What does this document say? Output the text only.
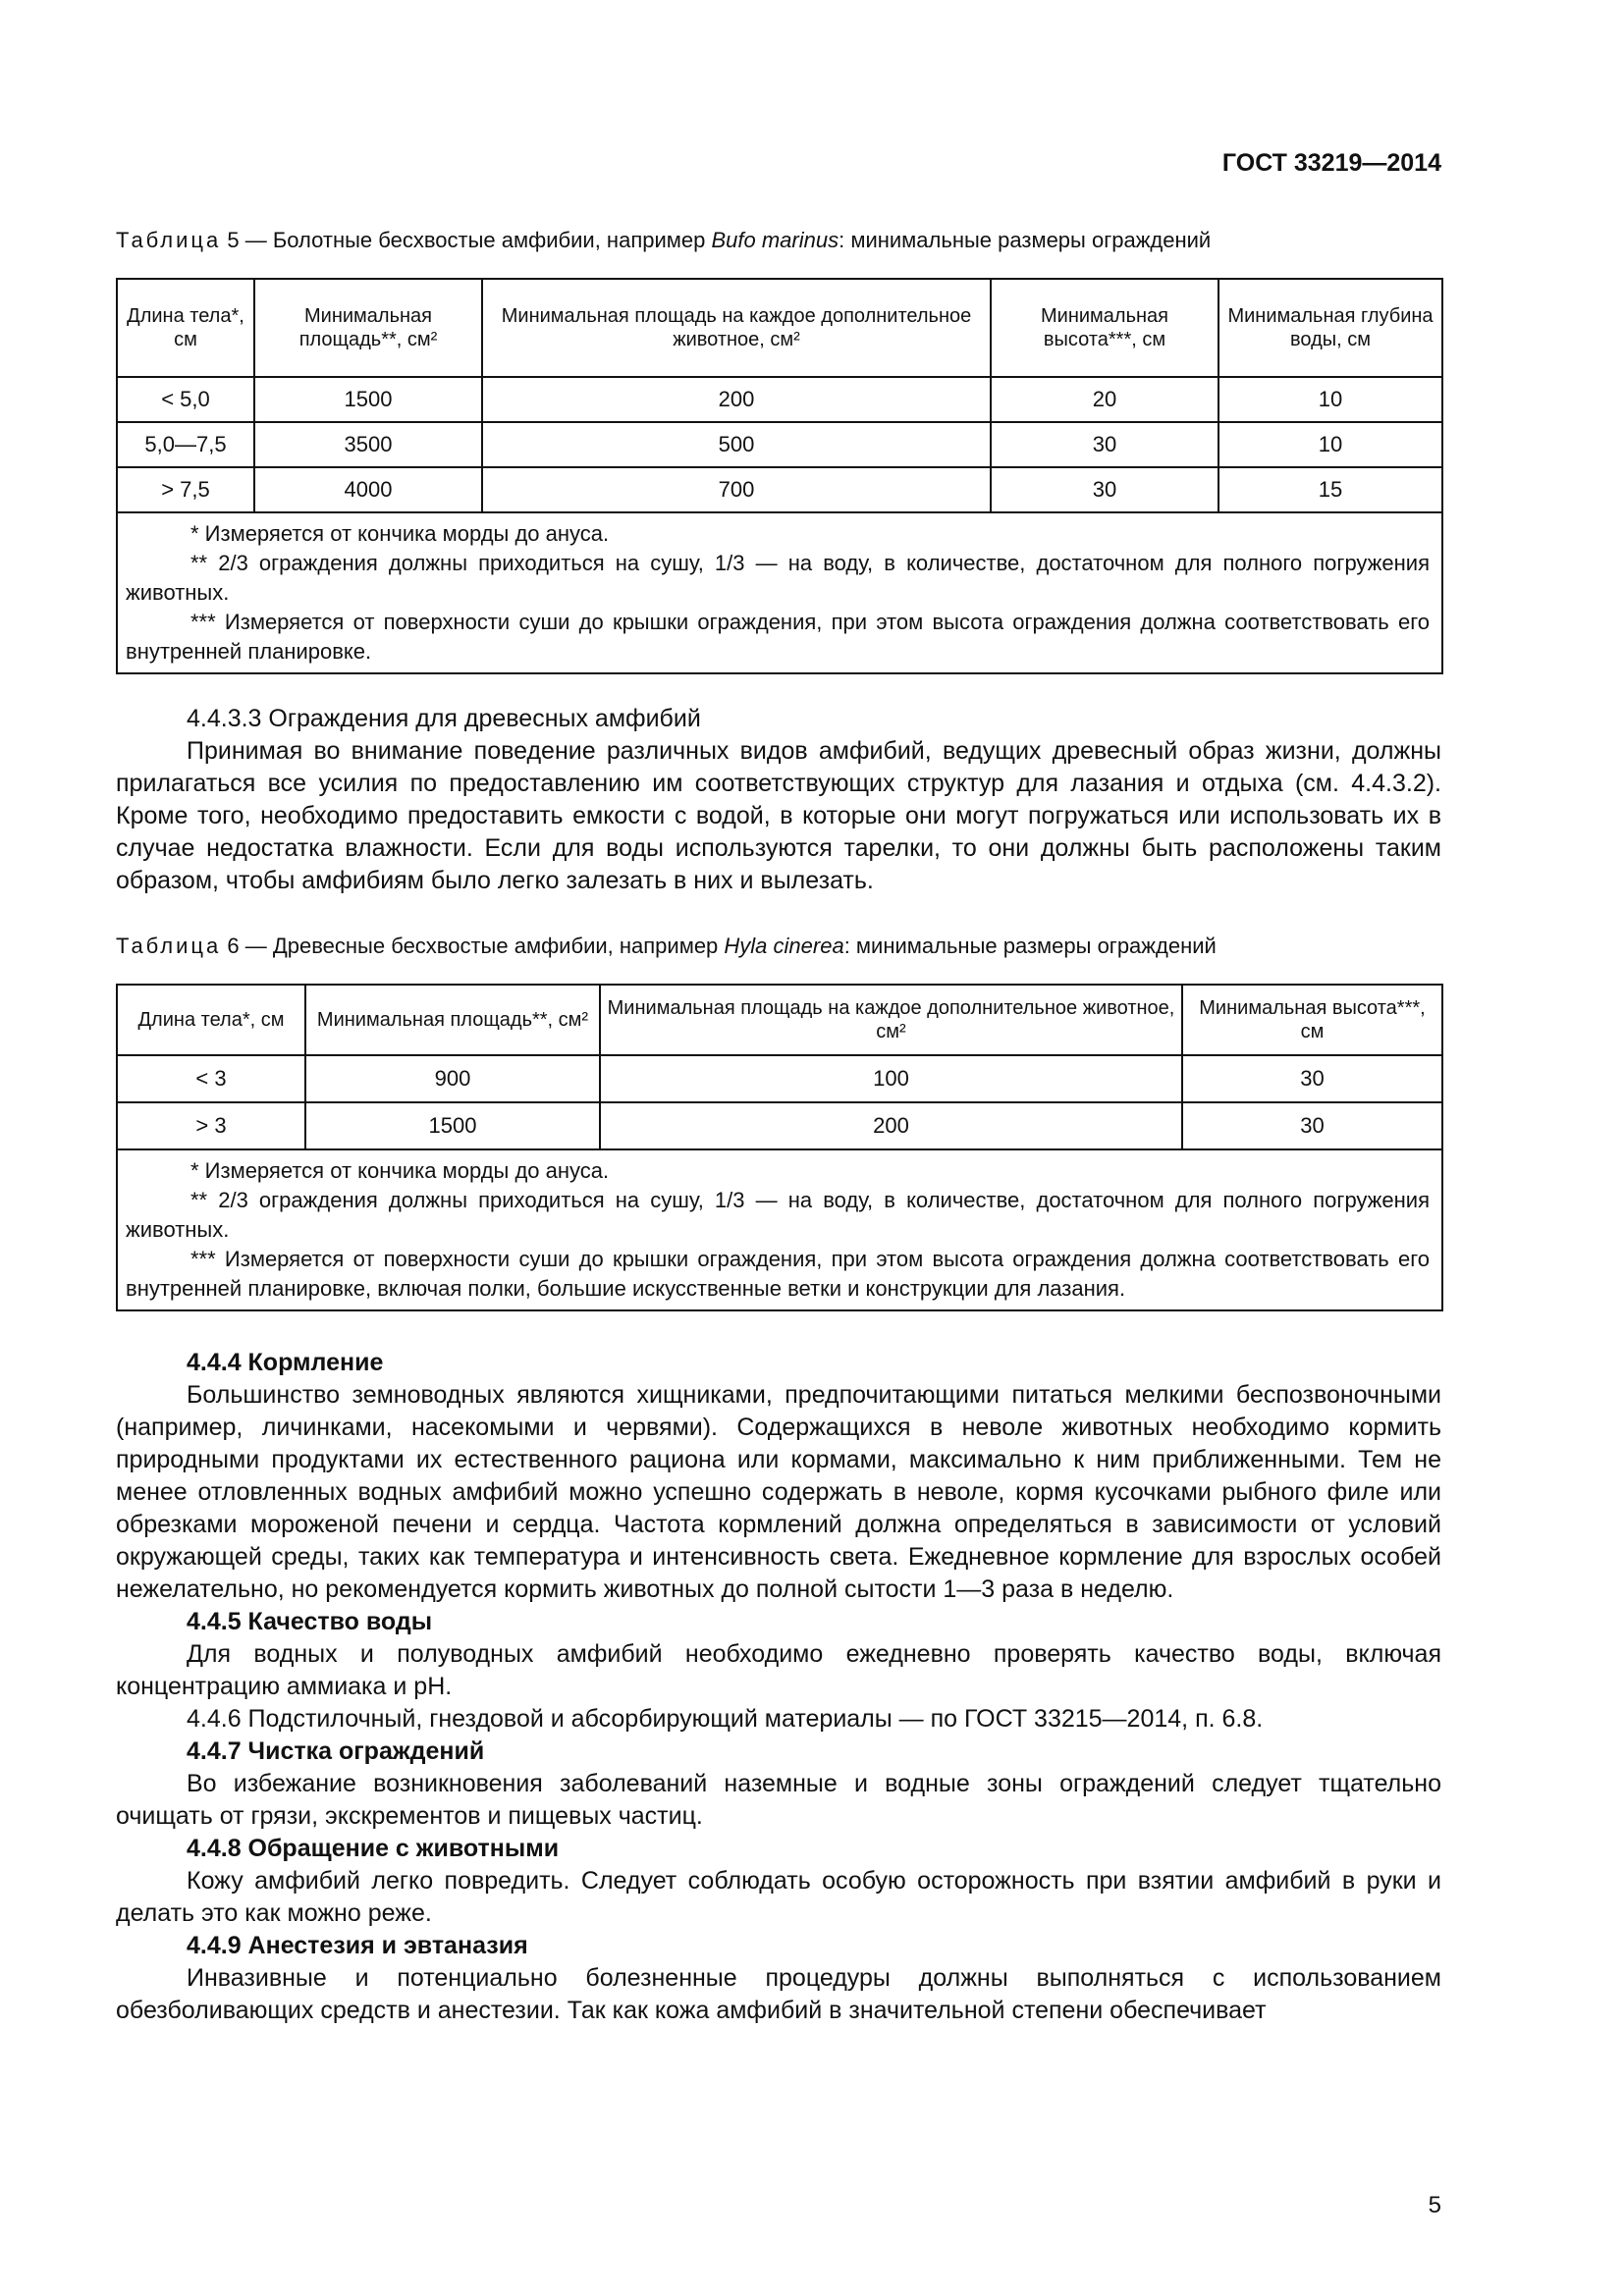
ГОСТ 33219—2014
Таблица 5 — Болотные бесхвостые амфибии, например Bufo marinus: минимальные размеры ограждений
Длина тела*, см	Минимальная площадь**, см²	Минимальная площадь на каждое дополнительное животное, см²	Минимальная высота***, см	Минимальная глубина воды, см
< 5,0	1500	200	20	10
5,0—7,5	3500	500	30	10
> 7,5	4000	700	30	15

* Измеряется от кончика морды до ануса.
** 2/3 ограждения должны приходиться на сушу, 1/3 — на воду, в количестве, достаточном для полного погружения животных.
*** Измеряется от поверхности суши до крышки ограждения, при этом высота ограждения должна соответствовать его внутренней планировке.				

4.4.3.3 Ограждения для древесных амфибий

Принимая во внимание поведение различных видов амфибий, ведущих древесный образ жизни, должны прилагаться все усилия по предоставлению им соответствующих структур для лазания и отдыха (см. 4.4.3.2). Кроме того, необходимо предоставить емкости с водой, в которые они могут погружаться или использовать их в случае недостатка влажности. Если для воды используются тарелки, то они должны быть расположены таким образом, чтобы амфибиям было легко залезать в них и вылезать.

Таблица 6 — Древесные бесхвостые амфибии, например Hyla cinerea: минимальные размеры ограждений
Длина тела*, см	Минимальная площадь**, см²	Минимальная площадь на каждое дополнительное животное, см²	Минимальная высота***, см
< 3	900	100	30
> 3	1500	200	30

* Измеряется от кончика морды до ануса.
** 2/3 ограждения должны приходиться на сушу, 1/3 — на воду, в количестве, достаточном для полного погружения животных.
*** Измеряется от поверхности суши до крышки ограждения, при этом высота ограждения должна соответствовать его внутренней планировке, включая полки, большие искусственные ветки и конструкции для лазания.			

4.4.4 Кормление

Большинство земноводных являются хищниками, предпочитающими питаться мелкими беспозвоночными (например, личинками, насекомыми и червями). Содержащихся в неволе животных необходимо кормить природными продуктами их естественного рациона или кормами, максимально к ним приближенными. Тем не менее отловленных водных амфибий можно успешно содержать в неволе, кормя кусочками рыбного филе или обрезками мороженой печени и сердца. Частота кормлений должна определяться в зависимости от условий окружающей среды, таких как температура и интенсивность света. Ежедневное кормление для взрослых особей нежелательно, но рекомендуется кормить животных до полной сытости 1—3 раза в неделю.

4.4.5 Качество воды

Для водных и полуводных амфибий необходимо ежедневно проверять качество воды, включая концентрацию аммиака и pH.

4.4.6 Подстилочный, гнездовой и абсорбирующий материалы — по ГОСТ 33215—2014, п. 6.8.

4.4.7 Чистка ограждений

Во избежание возникновения заболеваний наземные и водные зоны ограждений следует тщательно очищать от грязи, экскрементов и пищевых частиц.

4.4.8 Обращение с животными

Кожу амфибий легко повредить. Следует соблюдать особую осторожность при взятии амфибий в руки и делать это как можно реже.

4.4.9 Анестезия и эвтаназия

Инвазивные и потенциально болезненные процедуры должны выполняться с использованием обезболивающих средств и анестезии. Так как кожа амфибий в значительной степени обеспечивает

5
